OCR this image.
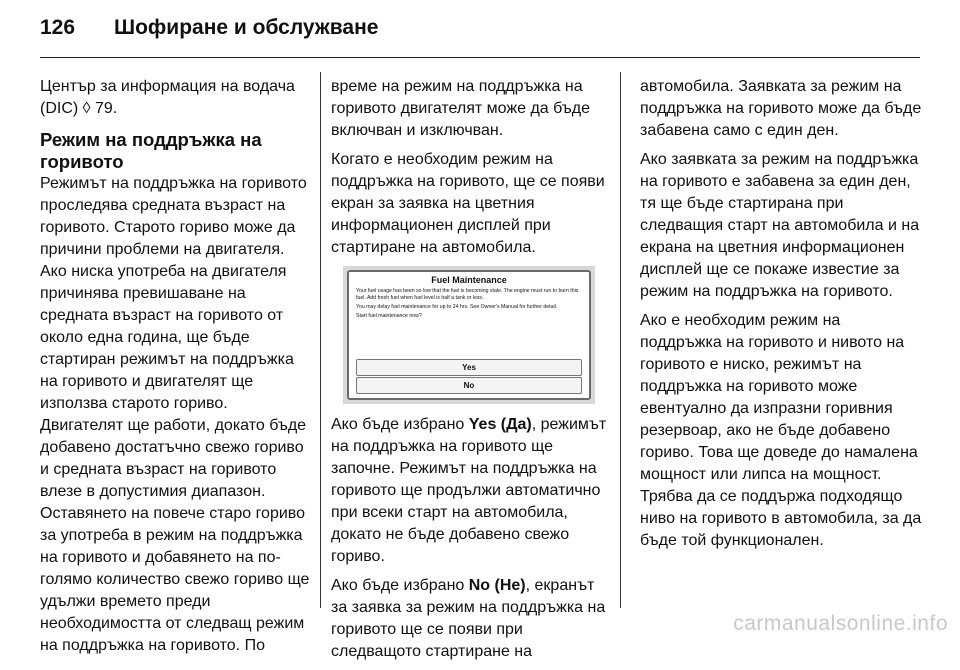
126 Шофиране и обслужване

Център за информация на водача (DIC) ◊ 79.

Режим на поддръжка на горивото

Режимът на поддръжка на горивото проследява средната възраст на горивото. Старото гориво може да причини проблеми на двигателя. Ако ниска употреба на двигателя причинява превишаване на средната възраст на горивото от около една година, ще бъде стартиран режимът на поддръжка на горивото и двигателят ще използва старото гориво. Двигателят ще работи, докато бъде добавено достатъчно свежо гориво и средната възраст на горивото влезе в допустимия диапазон. Оставянето на повече старо гориво за употреба в режим на поддръжка на горивото и добавянето на по-голямо количество свежо гориво ще удължи времето преди необходимостта от следващ режим на поддръжка на горивото. По

време на режим на поддръжка на горивото двигателят може да бъде включван и изключван.

Когато е необходим режим на поддръжка на горивото, ще се появи екран за заявка на цветния информационен дисплей при стартиране на автомобила.

Fuel Maintenance
Your fuel usage has been so low that the fuel is becoming stale. The engine must run to burn this fuel. Add fresh fuel when fuel level is half a tank or less.
You may delay fuel maintenance for up to 24 hrs. See Owner's Manual for further detail.
Start fuel maintenance now?
Yes
No

Ако бъде избрано Yes (Да), режимът на поддръжка на горивото ще започне. Режимът на поддръжка на горивото ще продължи автоматично при всеки старт на автомобила, докато не бъде добавено свежо гориво.

Ако бъде избрано No (Не), екранът за заявка за режим на поддръжка на горивото ще се появи при следващото стартиране на

автомобила. Заявката за режим на поддръжка на горивото може да бъде забавена само с един ден.

Ако заявката за режим на поддръжка на горивото е забавена за един ден, тя ще бъде стартирана при следващия старт на автомобила и на екрана на цветния информационен дисплей ще се покаже известие за режим на поддръжка на горивото.

Ако е необходим режим на поддръжка на горивото и нивото на горивото е ниско, режимът на поддръжка на горивото може евентуално да изпразни горивния резервоар, ако не бъде добавено гориво. Това ще доведе до намалена мощност или липса на мощност. Трябва да се поддържа подходящо ниво на горивото в автомобила, за да бъде той функционален.

carmanualsonline.info
